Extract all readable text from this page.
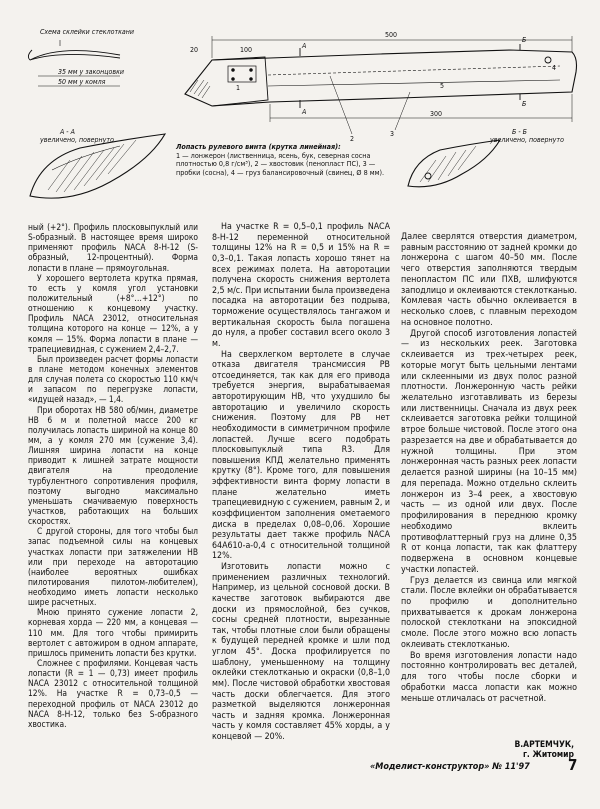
Схема склейки стеклоткани
35 мм у законцовки
50 мм у комля
500
300
20	100	А
А
Б
Б
1
2
3
4
5
А - А
увеличено, повернуто
Б - Б
увеличено, повернуто
Лопасть рулевого винта (крутка линейная):
1 — лонжерон (лиственница, ясень, бук, северная сосна плотностью 0,8 г/см³), 2 — хвостовик (пенопласт ПС), 3 — пробки (сосна), 4 — груз балансировочный (свинец, Ø 8 мм).

ный (+2°). Профиль плосковыпуклый или S-образный. В настоящее время широко применяют профиль NACA 8-H-12 (S-образный, 12-процентный). Форма лопасти в плане — прямоугольная.

У хорошего вертолета крутка прямая, то есть у комля угол установки положительный (+8°…+12°) по отношению к концевому участку. Профиль NACA 23012, относительная толщина которого на конце — 12%, а у комля — 15%. Форма лопасти в плане — трапециевидная, с сужением 2,4–2,7.

Был произведен расчет формы лопасти в плане методом конечных элементов для случая полета со скоростью 110 км/ч и запасом по перегрузке лопасти, «идущей назад», — 1,4.

При оборотах НВ 580 об/мин, диаметре НВ 6 м и полетной массе 200 кг получилась лопасть шириной на конце 80 мм, а у комля 270 мм (сужение 3,4). Лишняя ширина лопасти на конце приводит к лишней затрате мощности двигателя на преодоление турбулентного сопротивления профиля, поэтому выгодно максимально уменьшать смачиваемую поверхность участков, работающих на больших скоростях.

С другой стороны, для того чтобы был запас подъемной силы на концевых участках лопасти при затяжелении НВ или при переходе на авторотацию (наиболее вероятных ошибках пилотирования пилотом-любителем), необходимо иметь лопасти несколько шире расчетных.

Мною принято сужение лопасти 2, корневая хорда — 220 мм, а концевая — 110 мм. Для того чтобы примирить вертолет с автожиром в одном аппарате, пришлось применить лопасти без крутки.

Сложнее с профилями. Концевая часть лопасти (R = 1 — 0,73) имеет профиль NACA 23012 с относительной толщиной 12%. На участке R = 0,73–0,5 — переходной профиль от NACA 23012 до NACA 8-H-12, только без S-образного хвостика.

На участке R = 0,5–0,1 профиль NACA 8-H-12 переменной относительной толщины 12% на R = 0,5 и 15% на R = 0,3–0,1. Такая лопасть хорошо тянет на всех режимах полета. На авторотации получена скорость снижения вертолета 2,5 м/с. При испытании была произведена посадка на авторотации без подрыва, торможение осуществлялось тангажом и вертикальная скорость была погашена до нуля, а пробег составил всего около 3 м.

На сверхлегком вертолете в случае отказа двигателя трансмиссия РВ отсоединяется, так как для его привода требуется энергия, вырабатываемая авторотирующим НВ, что ухудшило бы авторотацию и увеличило скорость снижения. Поэтому для РВ нет необходимости в симметричном профиле лопастей. Лучше всего подобрать плосковыпуклый типа R3. Для повышения КПД желательно применять крутку (8°). Кроме того, для повышения эффективности винта форму лопасти в плане желательно иметь трапециевидную с сужением, равным 2, и коэффициентом заполнения ометаемого диска в пределах 0,08–0,06. Хорошие результаты дает также профиль NACA 64A610-a-0,4 с относительной толщиной 12%.

Изготовить лопасти можно с применением различных технологий. Например, из цельной сосновой доски. В качестве заготовок выбираются две доски из прямослойной, без сучков, сосны средней плотности, вырезанные так, чтобы плотные слои были обращены к будущей передней кромке и шли под углом 45°. Доска профилируется по шаблону, уменьшенному на толщину оклейки стеклотканью и окраски (0,8–1,0 мм). После чистовой обработки хвостовая часть доски облегчается. Для этого разметкой выделяются лонжеронная часть и задняя кромка. Лонжеронная часть у комля составляет 45% хорды, а у концевой — 20%.

Далее сверлятся отверстия диаметром, равным расстоянию от задней кромки до лонжерона с шагом 40–50 мм. После чего отверстия заполняются твердым пенопластом ПС или ПХВ, шлифуются заподлицо и оклеиваются стеклотканью. Комлевая часть обычно оклеивается в несколько слоев, с плавным переходом на основное полотно.

Другой способ изготовления лопастей — из нескольких реек. Заготовка склеивается из трех-четырех реек, которые могут быть цельными лентами или склеенными из двух полос разной плотности. Лонжеронную часть рейки желательно изготавливать из березы или лиственницы. Сначала из двух реек склеивается заготовка рейки толщиной втрое больше чистовой. После этого она разрезается на две и обрабатывается до нужной толщины. При этом лонжеронная часть разных реек лопасти делается разной ширины (на 10–15 мм) для перепада. Можно отдельно склеить лонжерон из 3–4 реек, а хвостовую часть — из одной или двух. После профилирования в переднюю кромку необходимо вклеить противофлаттерный груз на длине 0,35 R от конца лопасти, так как флаттеру подвержена в основном концевые участки лопастей.

Груз делается из свинца или мягкой стали. После вклейки он обрабатывается по профилю и дополнительно прихватывается к дрокам лонжерона полоской стеклоткани на эпоксидной смоле. После этого можно всю лопасть оклеивать стеклотканью.

Во время изготовления лопасти надо постоянно контролировать вес деталей, для того чтобы после сборки и обработки масса лопасти как можно меньше отличалась от расчетной.

В.АРТЕМЧУК,
г. Житомир
«Моделист-конструктор» № 11'97	7
